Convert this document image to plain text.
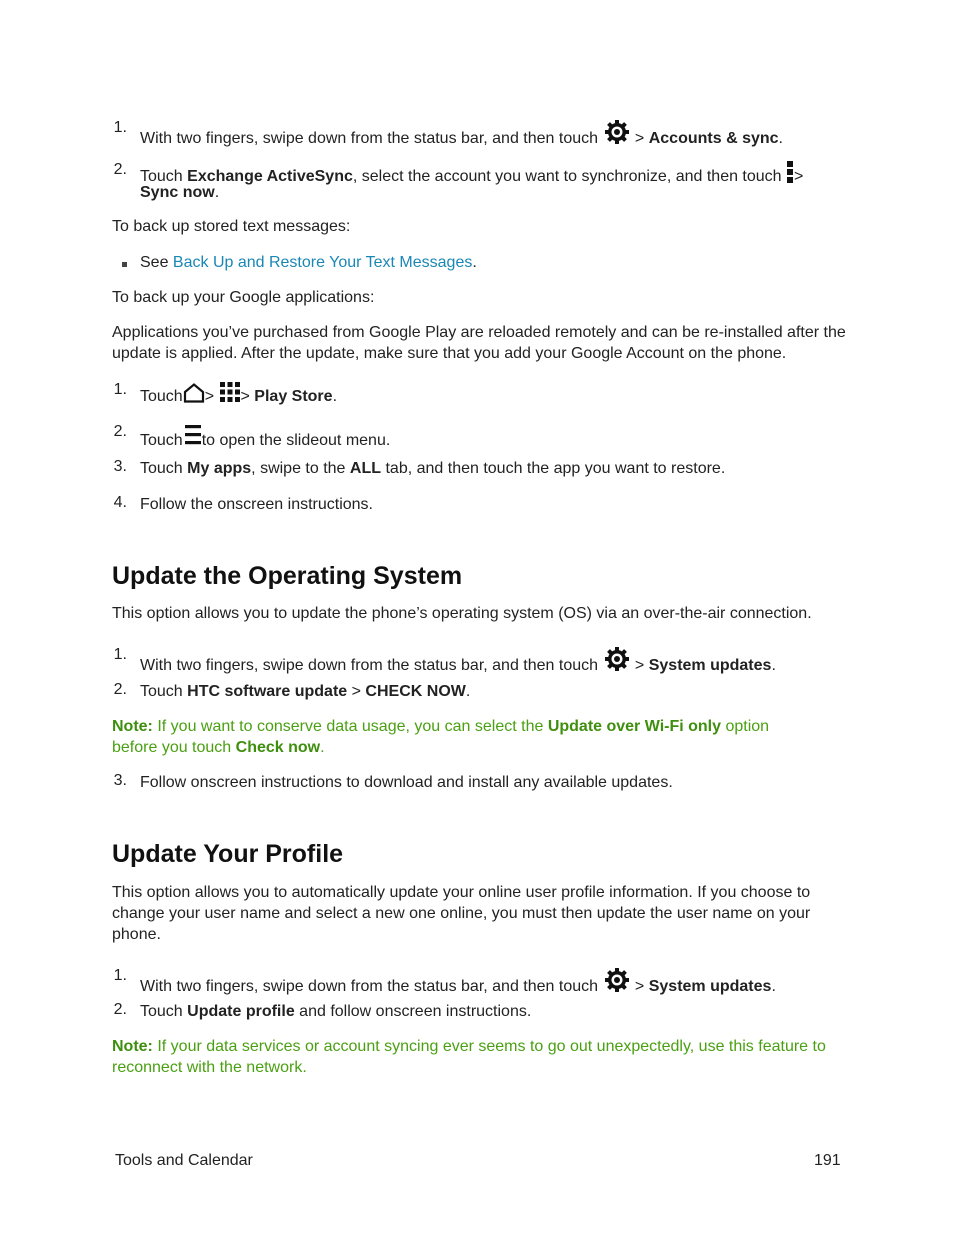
1.
With two fingers, swipe down from the status bar, and then touch > Accounts & sync.
2. Touch Exchange ActiveSync, select the account you want to synchronize, and then touch >
Sync now.
To back up stored text messages:
See Back Up and Restore Your Text Messages.
To back up your Google applications:
Applications you’ve purchased from Google Play are reloaded remotely and can be re-installed after the update is applied. After the update, make sure that you add your Google Account on the phone.
1. Touch > > Play Store.
2.
Touch to open the slideout menu.
3. Touch My apps, swipe to the ALL tab, and then touch the app you want to restore.
4. Follow the onscreen instructions.
Update the Operating System
This option allows you to update the phone’s operating system (OS) via an over-the-air connection.
1.
With two fingers, swipe down from the status bar, and then touch > System updates.
2. Touch HTC software update > CHECK NOW.
Note: If you want to conserve data usage, you can select the Update over Wi-Fi only option
before you touch Check now.
3. Follow onscreen instructions to download and install any available updates.
Update Your Profile
This option allows you to automatically update your online user profile information. If you choose to change your user name and select a new one online, you must then update the user name on your phone.
1.
With two fingers, swipe down from the status bar, and then touch > System updates.
2. Touch Update profile and follow onscreen instructions.
Note: If your data services or account syncing ever seems to go out unexpectedly, use this feature to reconnect with the network.
Tools and Calendar	191
